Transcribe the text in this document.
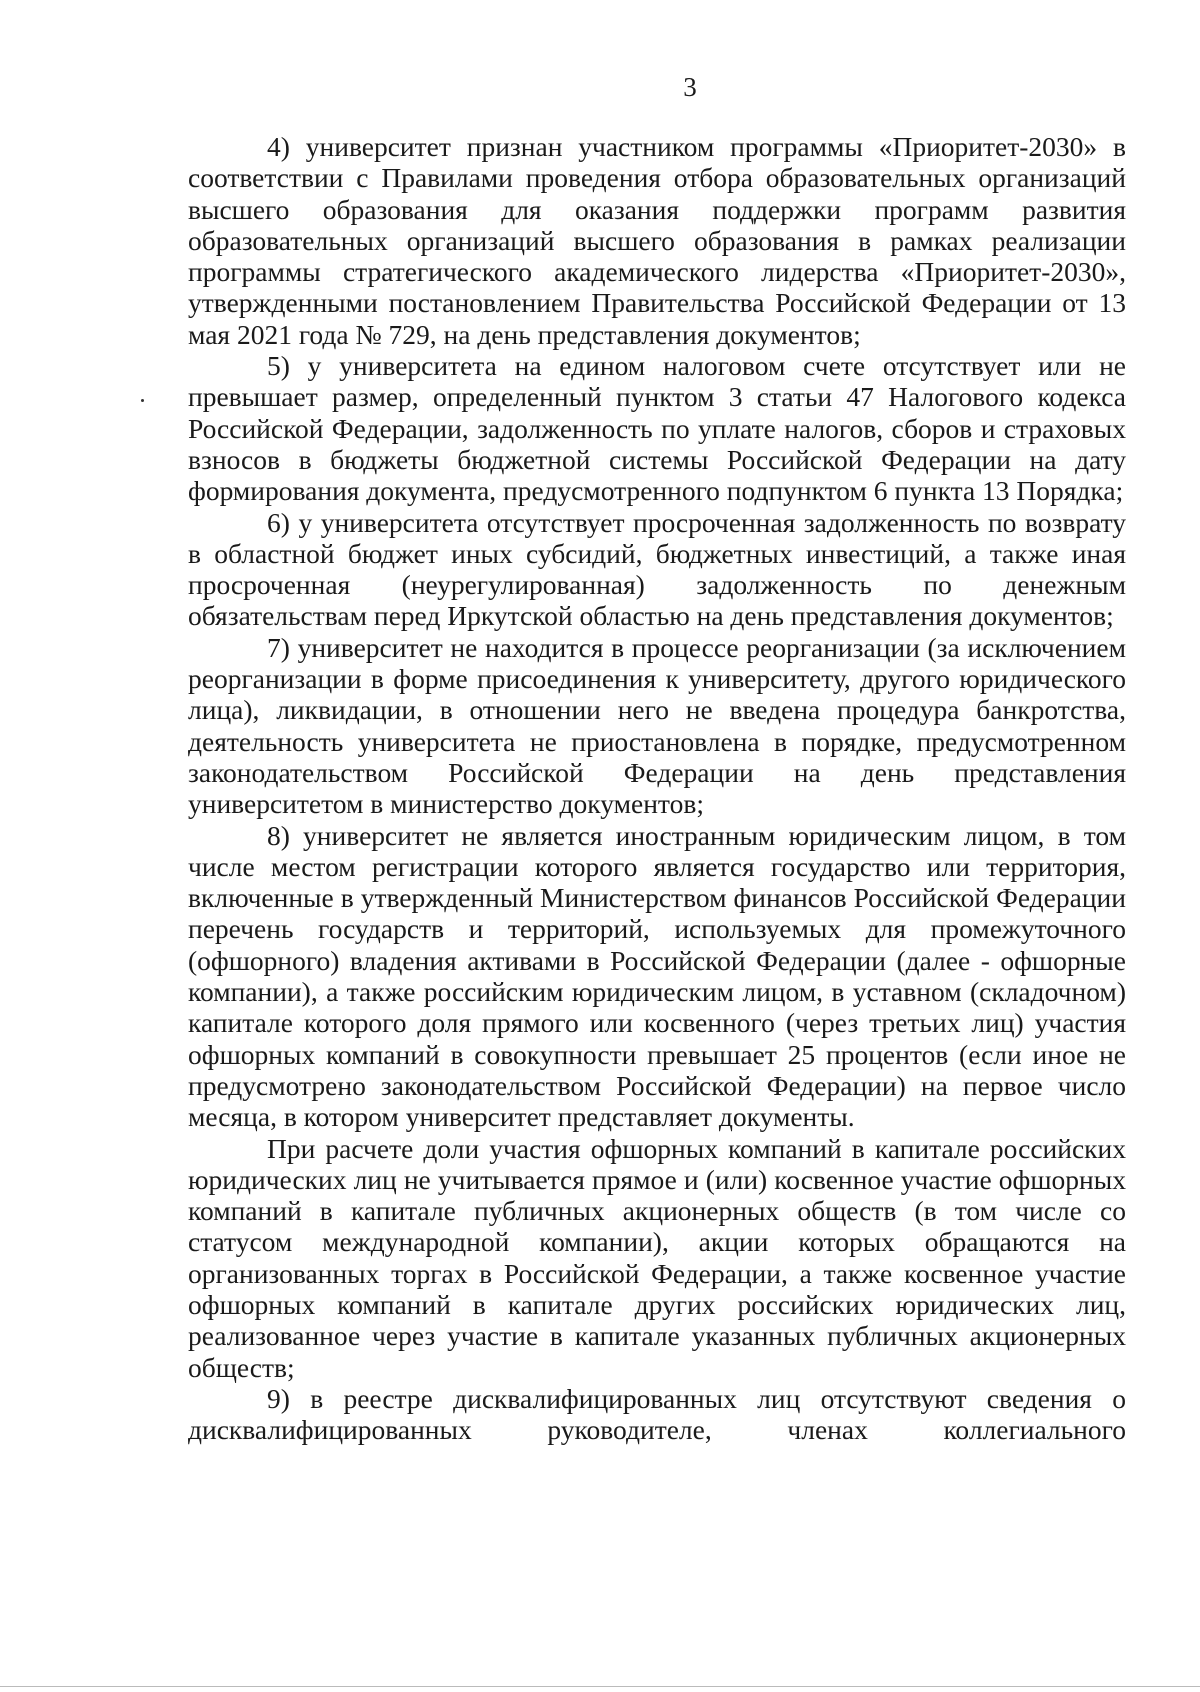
3

4) университет признан участником программы «Приоритет-2030» в соответствии с Правилами проведения отбора образовательных организаций высшего образования для оказания поддержки программ развития образовательных организаций высшего образования в рамках реализации программы стратегического академического лидерства «Приоритет-2030», утвержденными постановлением Правительства Российской Федерации от 13 мая 2021 года № 729, на день представления документов;

5) у университета на едином налоговом счете отсутствует или не превышает размер, определенный пунктом 3 статьи 47 Налогового кодекса Российской Федерации, задолженность по уплате налогов, сборов и страховых взносов в бюджеты бюджетной системы Российской Федерации на дату формирования документа, предусмотренного подпунктом 6 пункта 13 Порядка;

6) у университета отсутствует просроченная задолженность по возврату в областной бюджет иных субсидий, бюджетных инвестиций, а также иная просроченная (неурегулированная) задолженность по денежным обязательствам перед Иркутской областью на день представления документов;

7) университет не находится в процессе реорганизации (за исключением реорганизации в форме присоединения к университету, другого юридического лица), ликвидации, в отношении него не введена процедура банкротства, деятельность университета не приостановлена в порядке, предусмотренном законодательством Российской Федерации на день представления университетом в министерство документов;

8) университет не является иностранным юридическим лицом, в том числе местом регистрации которого является государство или территория, включенные в утвержденный Министерством финансов Российской Федерации перечень государств и территорий, используемых для промежуточного (офшорного) владения активами в Российской Федерации (далее - офшорные компании), а также российским юридическим лицом, в уставном (складочном) капитале которого доля прямого или косвенного (через третьих лиц) участия офшорных компаний в совокупности превышает 25 процентов (если иное не предусмотрено законодательством Российской Федерации) на первое число месяца, в котором университет представляет документы.

При расчете доли участия офшорных компаний в капитале российских юридических лиц не учитывается прямое и (или) косвенное участие офшорных компаний в капитале публичных акционерных обществ (в том числе со статусом международной компании), акции которых обращаются на организованных торгах в Российской Федерации, а также косвенное участие офшорных компаний в капитале других российских юридических лиц, реализованное через участие в капитале указанных публичных акционерных обществ;

9) в реестре дисквалифицированных лиц отсутствуют сведения о дисквалифицированных руководителе, членах коллегиального
